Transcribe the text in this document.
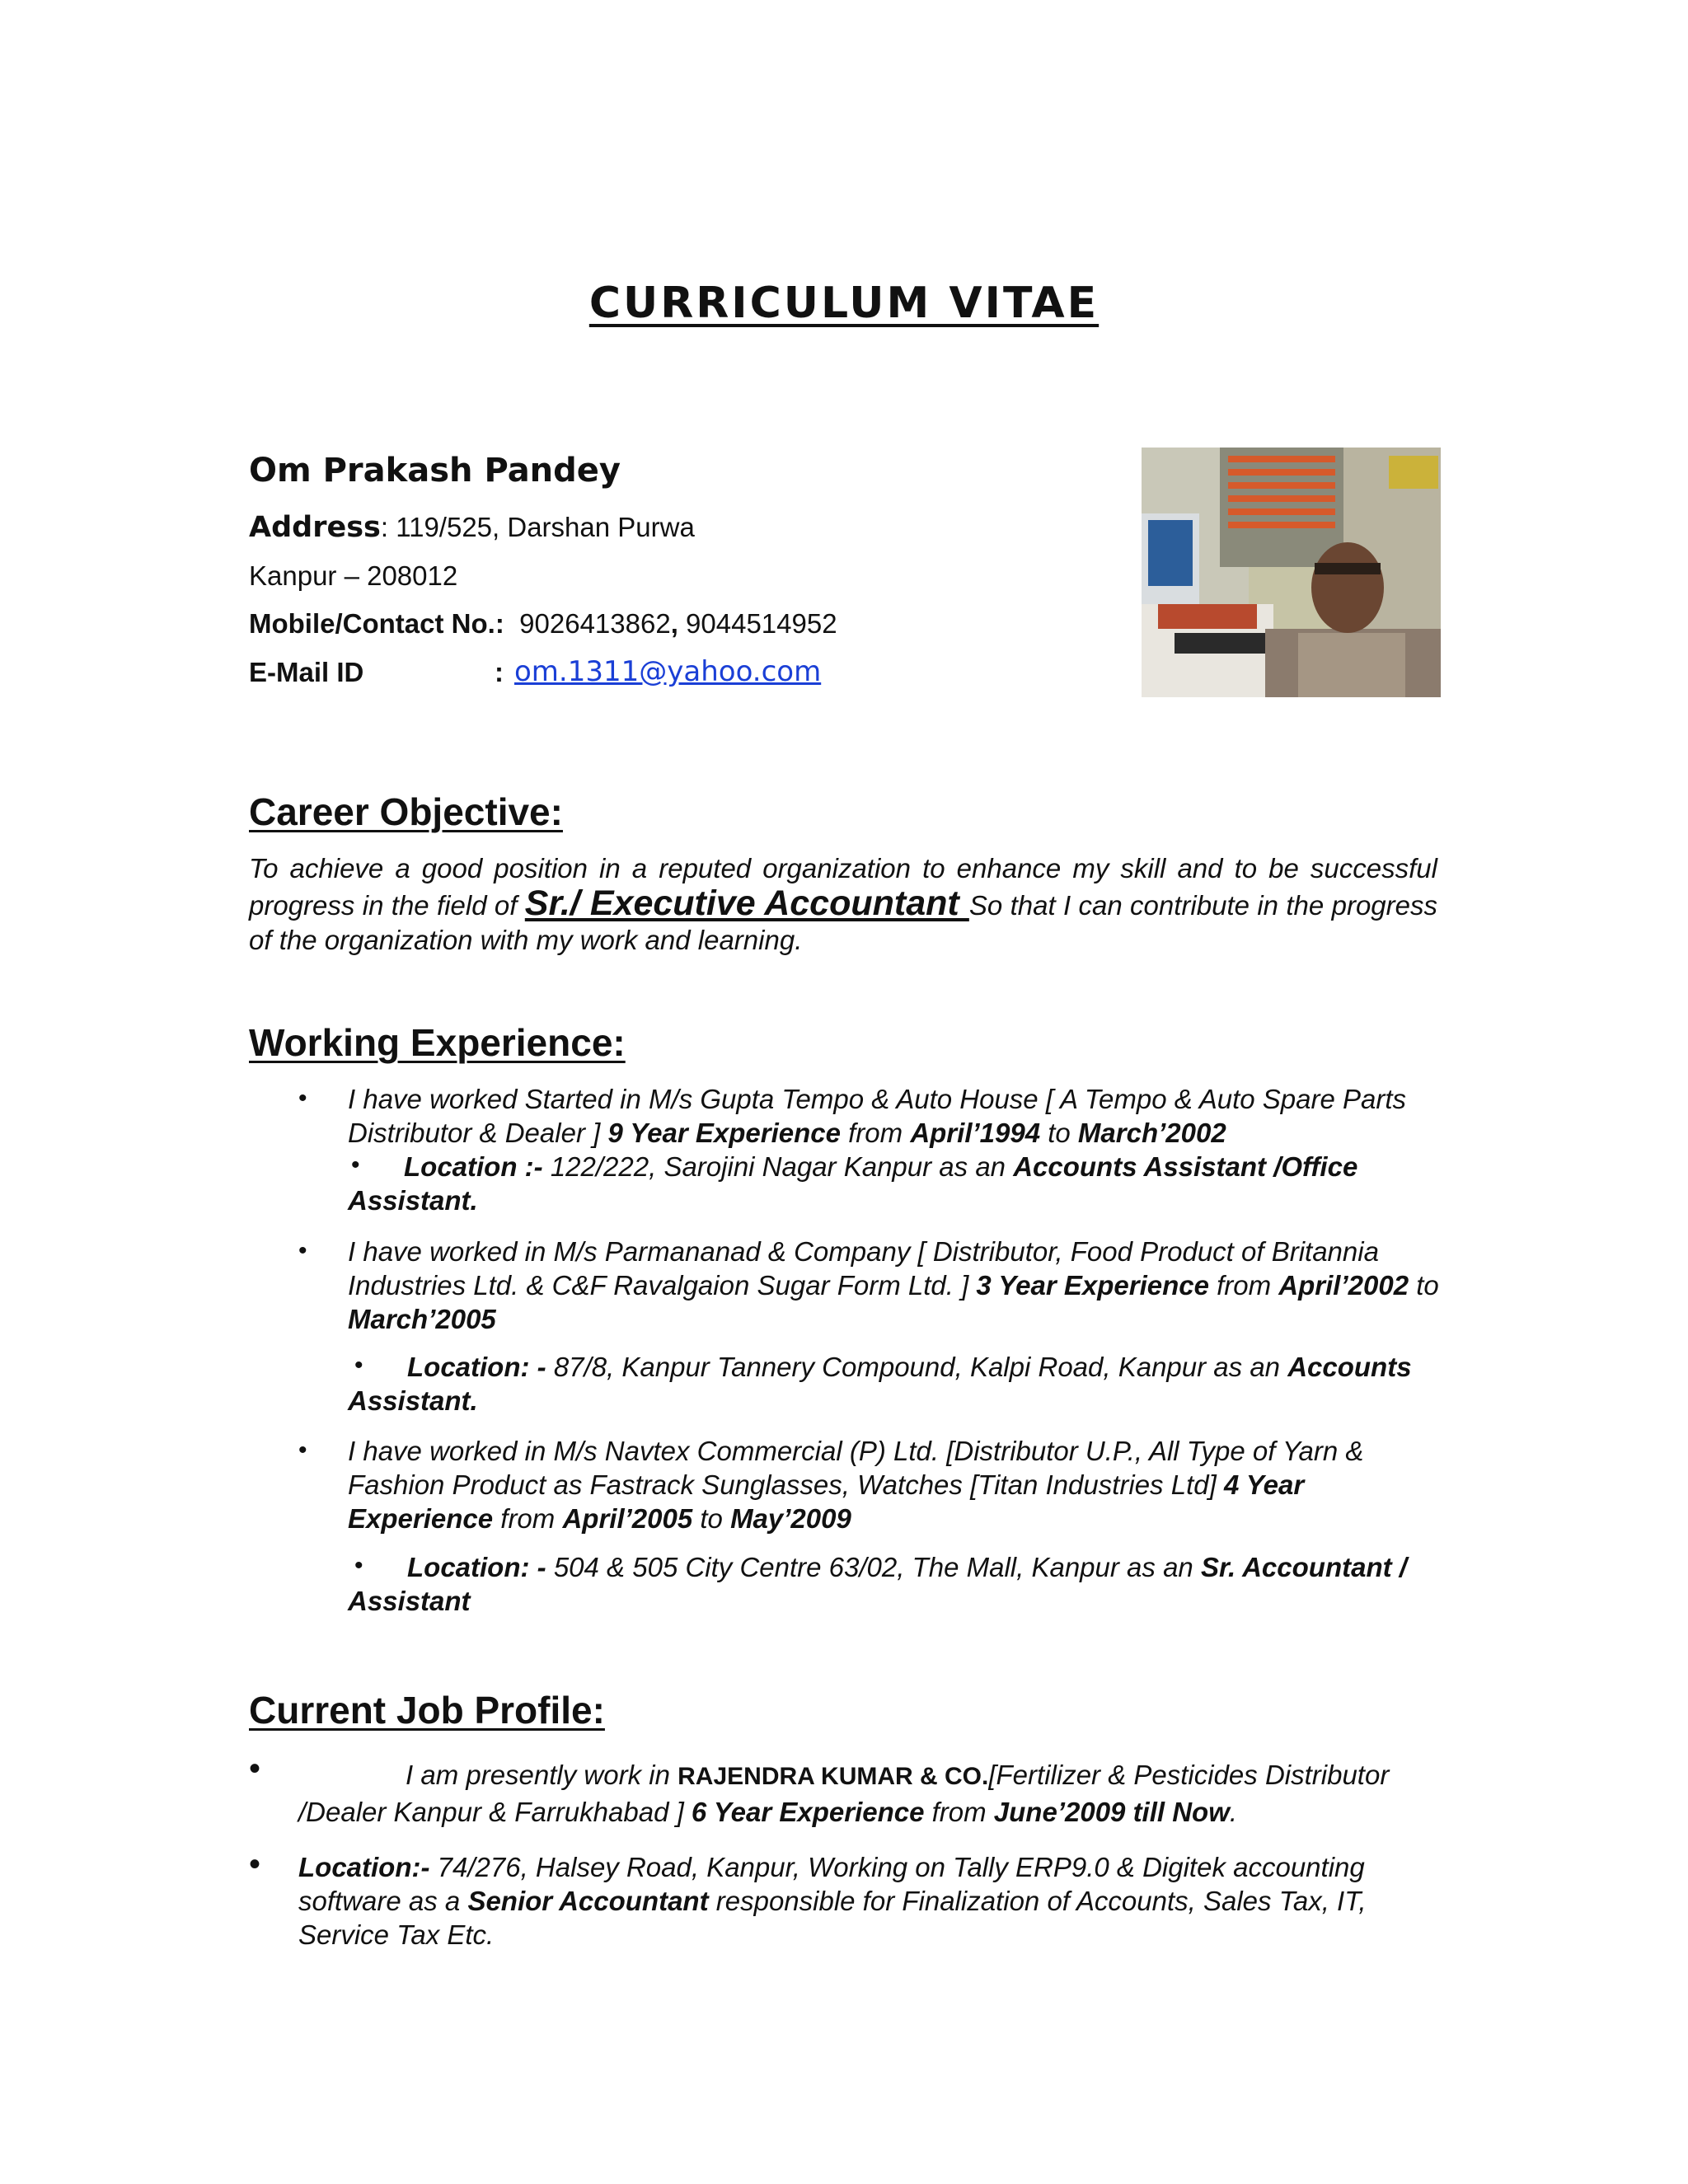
CURRICULUM VITAE
Om Prakash Pandey
Address: 119/525, Darshan Purwa
Kanpur – 208012
Mobile/Contact No.: 9026413862, 9044514952
E-Mail ID	: om.1311@yahoo.com
Career Objective:
To achieve a good position in a reputed organization to enhance my skill and to be successful progress in the field of Sr./ Executive Accountant So that I can contribute in the progress of the organization with my work and learning.
Working Experience:
• I have worked Started in M/s Gupta Tempo & Auto House [ A Tempo & Auto Spare Parts Distributor & Dealer ] 9 Year Experience from April’1994 to March’2002
•	Location :- 122/222, Sarojini Nagar Kanpur as an Accounts Assistant /Office Assistant.
• I have worked in M/s Parmananad & Company [ Distributor, Food Product of Britannia Industries Ltd. & C&F Ravalgaion Sugar Form Ltd. ] 3 Year Experience from April’2002 to March’2005
•	Location: - 87/8, Kanpur Tannery Compound, Kalpi Road, Kanpur as an Accounts Assistant.
• I have worked in M/s Navtex Commercial (P) Ltd. [Distributor U.P., All Type of Yarn & Fashion Product as Fastrack Sunglasses, Watches [Titan Industries Ltd] 4 Year Experience from April’2005 to May’2009
•	Location: - 504 & 505 City Centre 63/02, The Mall, Kanpur as an Sr. Accountant / Assistant
Current Job Profile:
•	I am presently work in RAJENDRA KUMAR & CO.[Fertilizer & Pesticides Distributor /Dealer Kanpur & Farrukhabad ] 6 Year Experience from June’2009 till Now.
• Location:- 74/276, Halsey Road, Kanpur, Working on Tally ERP9.0 & Digitek accounting software as a Senior Accountant responsible for Finalization of Accounts, Sales Tax, IT, Service Tax Etc.
